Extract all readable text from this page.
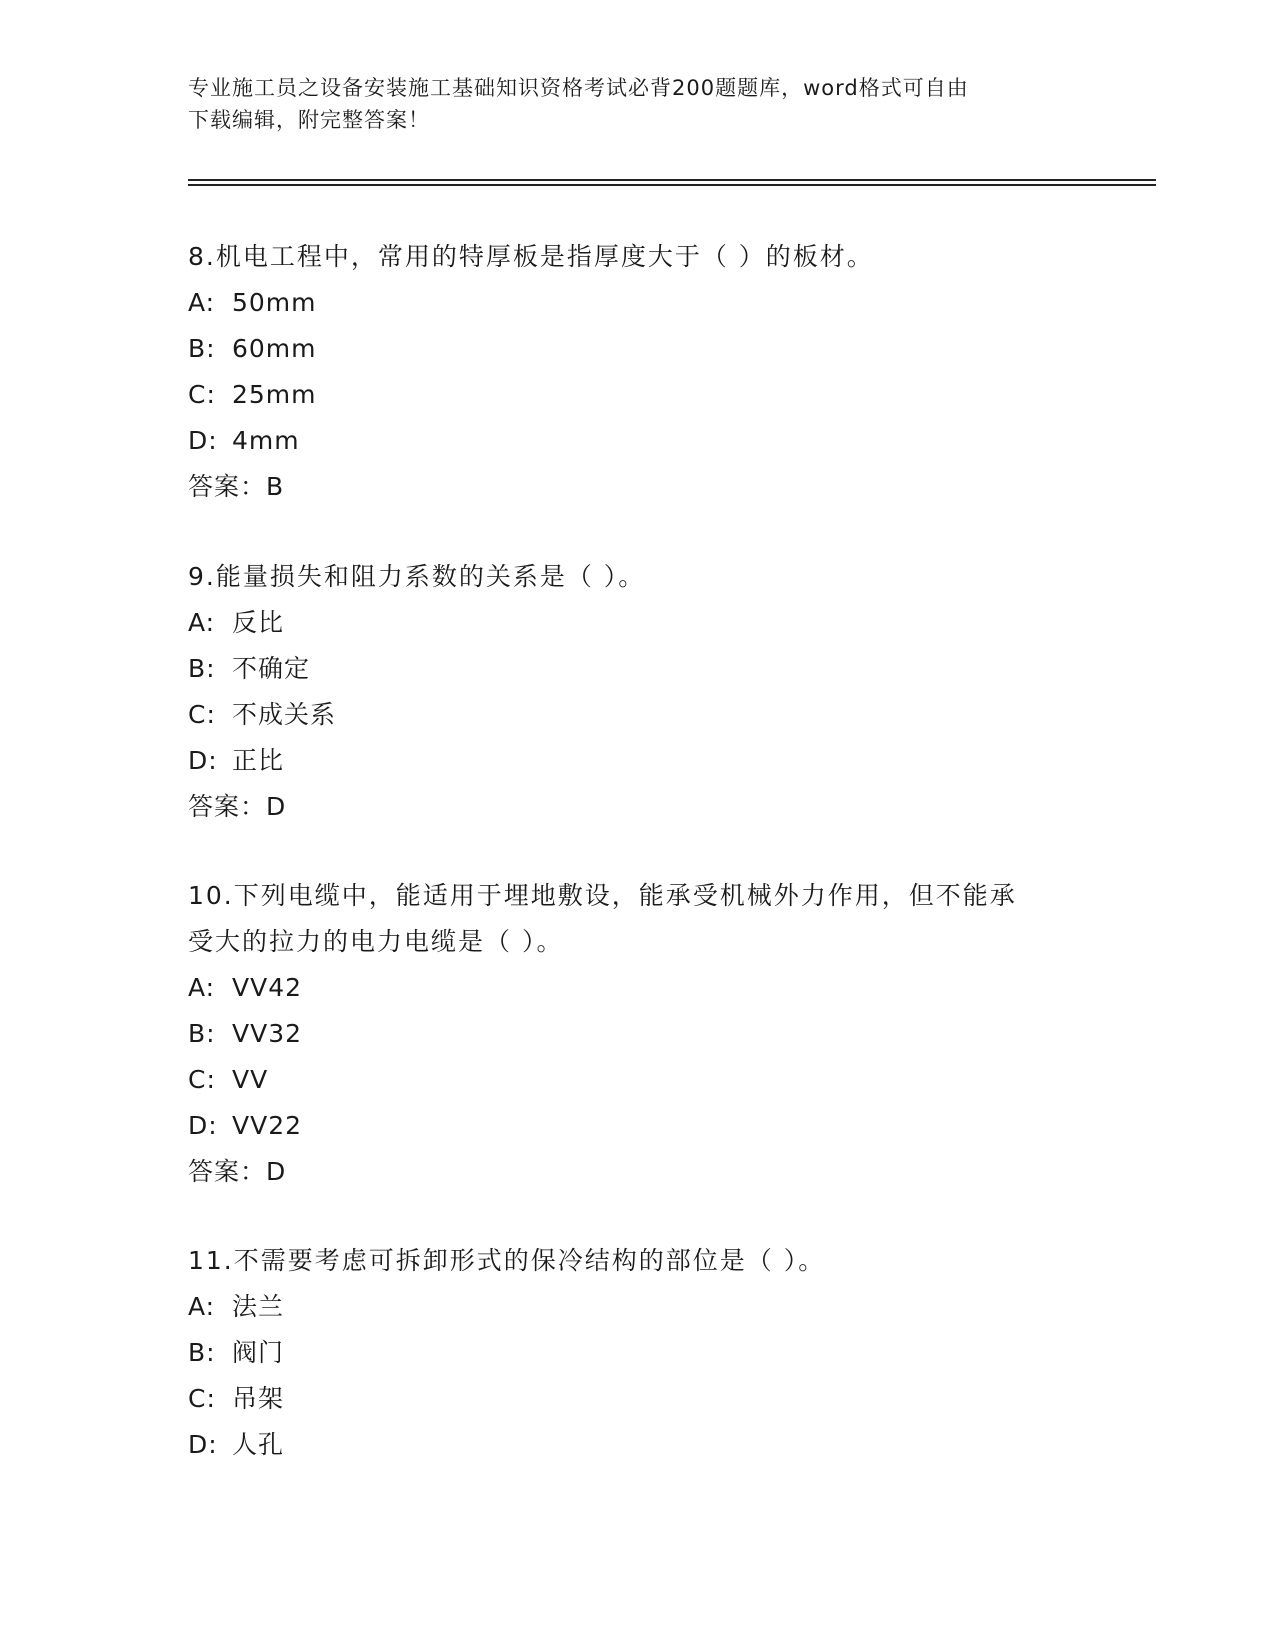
专业施工员之设备安装施工基础知识资格考试必背200题题库，word格式可自由
下载编辑，附完整答案！

8.机电工程中，常用的特厚板是指厚度大于（ ）的板材。

A: 50mm
B: 60mm
C: 25mm
D: 4mm
答案：B

9.能量损失和阻力系数的关系是（ ）。

A: 反比
B: 不确定
C: 不成关系
D: 正比
答案：D

10.下列电缆中，能适用于埋地敷设，能承受机械外力作用，但不能承

受大的拉力的电力电缆是（ ）。

A: VV42
B: VV32
C: VV
D: VV22
答案：D

11.不需要考虑可拆卸形式的保冷结构的部位是（ ）。

A: 法兰
B: 阀门
C: 吊架
D: 人孔
